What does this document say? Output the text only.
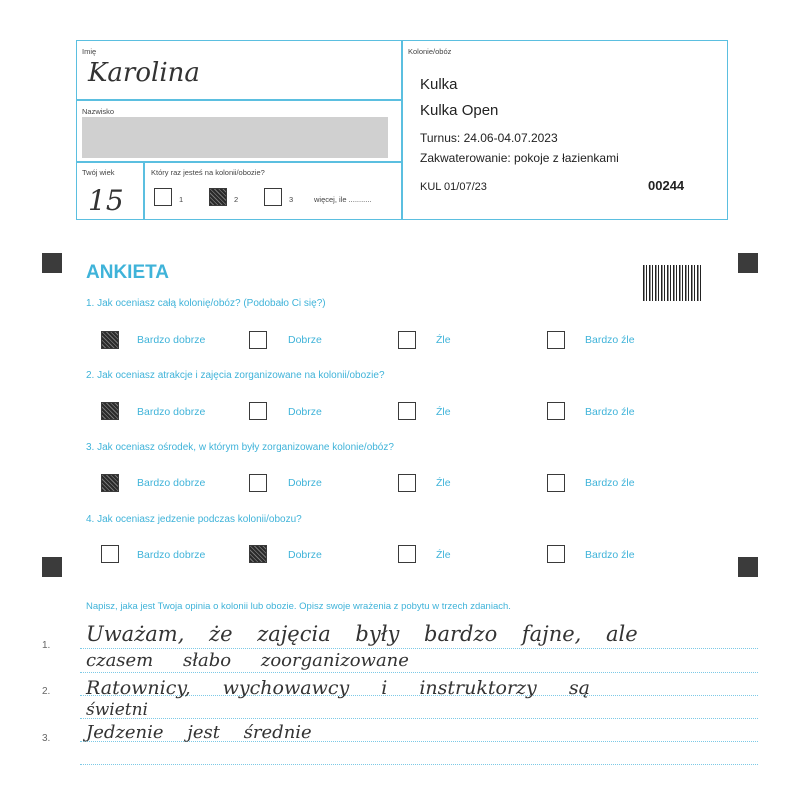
Imię
Karolina
Nazwisko
Twój wiek
15
Który raz jesteś na kolonii/obozie?
1	2	3	więcej, ile ...........
Kolonie/obóz
Kulka
Kulka Open
Turnus: 24.06-04.07.2023
Zakwaterowanie: pokoje z łazienkami
KUL 01/07/23	00244
ANKIETA
1. Jak oceniasz całą kolonię/obóz? (Podobało Ci się?)
Bardzo dobrze	Dobrze	Źle	Bardzo źle
2. Jak oceniasz atrakcje i zajęcia zorganizowane na kolonii/obozie?
Bardzo dobrze	Dobrze	Źle	Bardzo źle
3. Jak oceniasz ośrodek, w którym były zorganizowane kolonie/obóz?
Bardzo dobrze	Dobrze	Źle	Bardzo źle
4. Jak oceniasz jedzenie podczas kolonii/obozu?
Bardzo dobrze	Dobrze	Źle	Bardzo źle
Napisz, jaka jest Twoja opinia o kolonii lub obozie. Opisz swoje wrażenia z pobytu w trzech zdaniach.
1.
2.
3.
Uważam, że zajęcia były bardzo fajne, ale
czasem słabo zoorganizowane
Ratownicy, wychowawcy i instruktorzy są
świetni
Jedzenie jest średnie
